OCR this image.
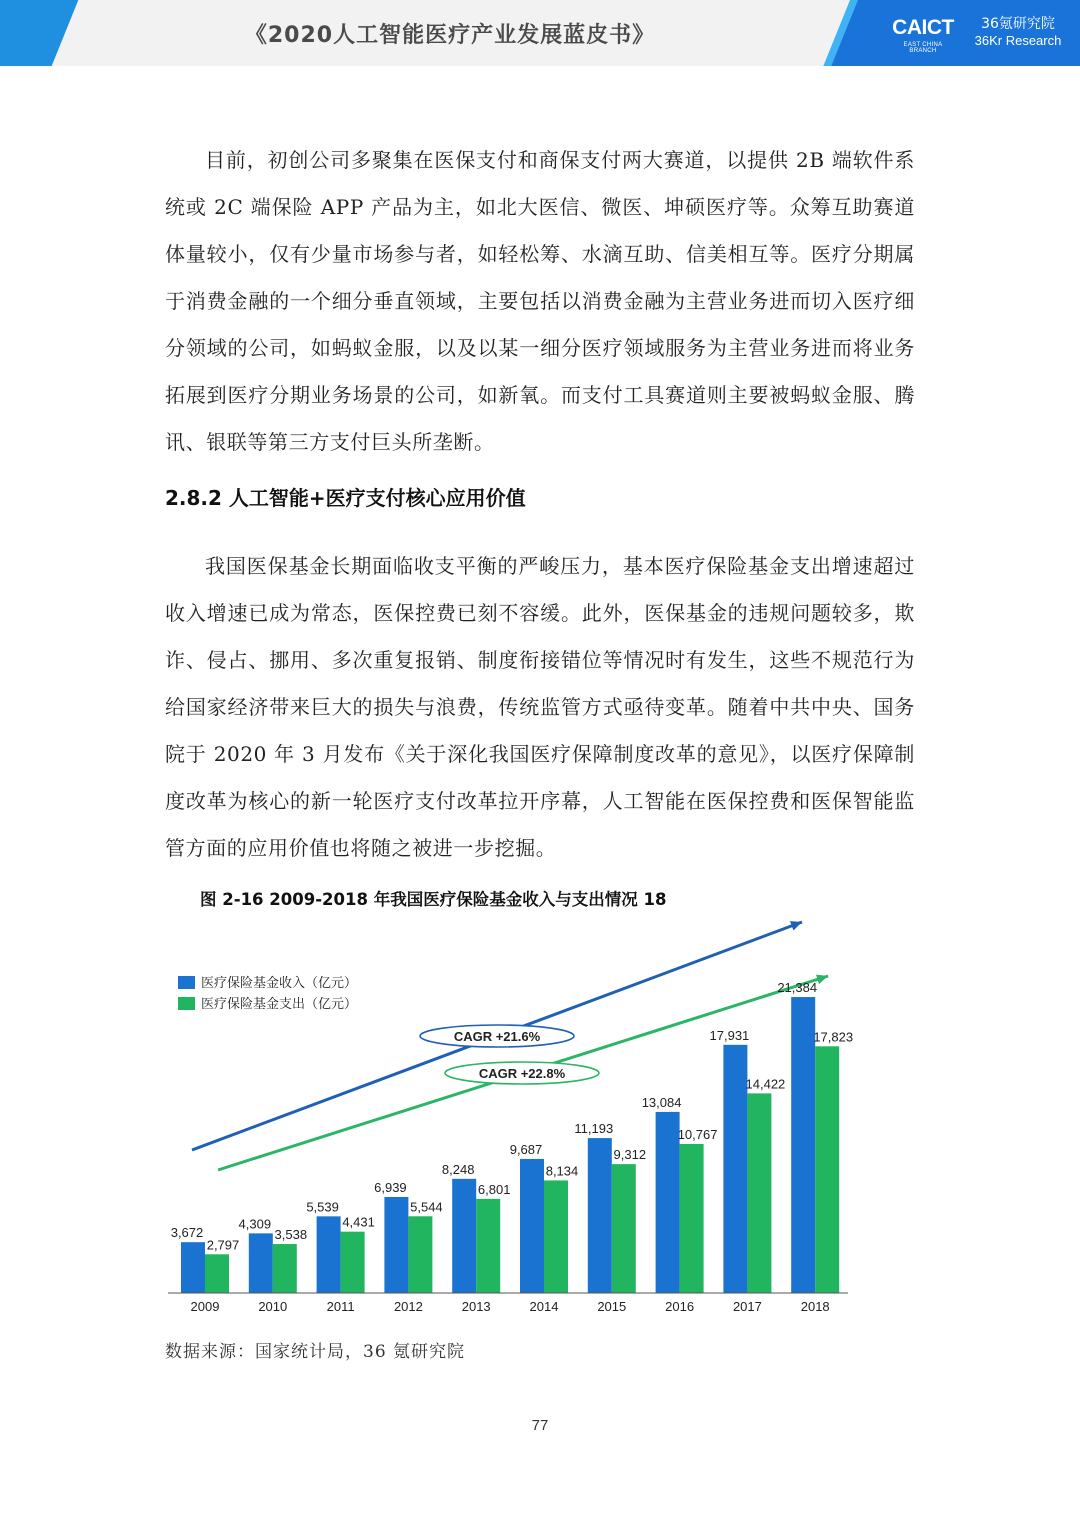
《2020人工智能医疗产业发展蓝皮书》	CAICT
EAST CHINA BRANCH
36氪研究院
36Kr Research
目前，初创公司多聚集在医保支付和商保支付两大赛道，以提供 2B 端软件系统或 2C 端保险 APP 产品为主，如北大医信、微医、坤硕医疗等。众筹互助赛道体量较小，仅有少量市场参与者，如轻松筹、水滴互助、信美相互等。医疗分期属于消费金融的一个细分垂直领域，主要包括以消费金融为主营业务进而切入医疗细分领域的公司，如蚂蚁金服，以及以某一细分医疗领域服务为主营业务进而将业务拓展到医疗分期业务场景的公司，如新氧。而支付工具赛道则主要被蚂蚁金服、腾讯、银联等第三方支付巨头所垄断。
2.8.2 人工智能+医疗支付核心应用价值
我国医保基金长期面临收支平衡的严峻压力，基本医疗保险基金支出增速超过收入增速已成为常态，医保控费已刻不容缓。此外，医保基金的违规问题较多，欺诈、侵占、挪用、多次重复报销、制度衔接错位等情况时有发生，这些不规范行为给国家经济带来巨大的损失与浪费，传统监管方式亟待变革。随着中共中央、国务院于 2020 年 3 月发布《关于深化我国医疗保障制度改革的意见》，以医疗保障制度改革为核心的新一轮医疗支付改革拉开序幕，人工智能在医保控费和医保智能监管方面的应用价值也将随之被进一步挖掘。
图 2-16 2009-2018 年我国医疗保险基金收入与支出情况 18
医疗保险基金收入（亿元）
医疗保险基金支出（亿元）
CAGR +21.6%
CAGR +22.8%
3,672
2,797
4,309
3,538
5,539
4,431
6,939
5,544
8,248
6,801
9,687
8,134
11,193
9,312
13,084
10,767
17,931
14,422
21,384
17,823
2009	2010	2011	2012	2013	2014	2015	2016	2017	2018
数据来源：国家统计局，36 氪研究院
77
